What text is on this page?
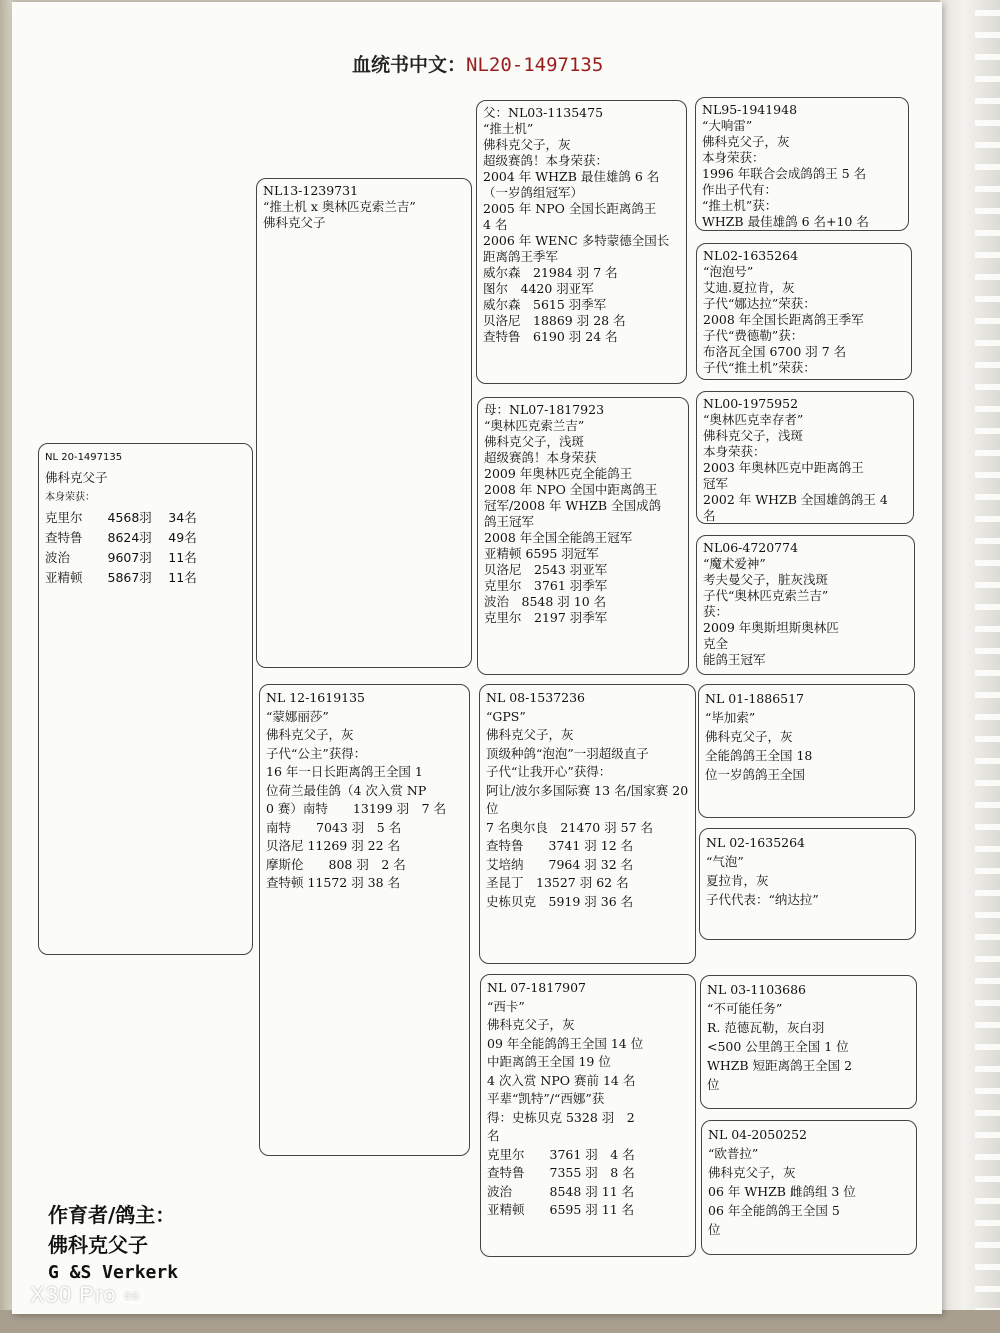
血统书中文：NL20-1497135
NL 20-1497135
佛科克父子
本身荣获：
克里尔　　4568羽　 34名
查特鲁　　8624羽　 49名
波治　　　9607羽　 11名
亚精顿　　5867羽　 11名
NL13-1239731
“推土机 x 奥林匹克索兰吉”
佛科克父子
NL 12-1619135
“蒙娜丽莎”
佛科克父子，灰
子代“公主”获得：
16 年一日长距离鸽王全国 1
位荷兰最佳鸽（4 次入赏 NP
0 赛）南特　　13199 羽　7 名
南特　　7043 羽　5 名
贝洛尼 11269 羽 22 名
摩斯伦　　808 羽　2 名
查特顿 11572 羽 38 名
父：NL03-1135475
“推土机”
佛科克父子，灰
超级赛鸽！本身荣获：
2004 年 WHZB 最佳雄鸽 6 名
（一岁鸽组冠军）
2005 年 NPO 全国长距离鸽王
4 名
2006 年 WENC 多特蒙德全国长
距离鸽王季军
威尔森　21984 羽 7 名
图尔　4420 羽亚军
威尔森　5615 羽季军
贝洛尼　18869 羽 28 名
查特鲁　6190 羽 24 名
母：NL07-1817923
“奥林匹克索兰吉”
佛科克父子，浅斑
超级赛鸽！本身荣获
2009 年奥林匹克全能鸽王
2008 年 NPO 全国中距离鸽王
冠军/2008 年 WHZB 全国成鸽
鸽王冠军
2008 年全国全能鸽王冠军
亚精顿 6595 羽冠军
贝洛尼　2543 羽亚军
克里尔　3761 羽季军
波治　8548 羽 10 名
克里尔　2197 羽季军
NL 08-1537236
“GPS”
佛科克父子，灰
顶级种鸽“泡泡”一羽超级直子
子代“让我开心”获得：
阿让/波尔多国际赛 13 名/国家赛 20 位
7 名奥尔良　21470 羽 57 名
查特鲁　　3741 羽 12 名
艾培纳　　7964 羽 32 名
圣昆丁　13527 羽 62 名
史栋贝克　5919 羽 36 名
NL 07-1817907
“西卡”
佛科克父子，灰
09 年全能鸽鸽王全国 14 位
中距离鸽王全国 19 位
4 次入赏 NPO 赛前 14 名
平辈“凯特”/“西娜”获
得：史栋贝克 5328 羽　2
名
克里尔　　3761 羽　4 名
查特鲁　　7355 羽　8 名
波治　　　8548 羽 11 名
亚精顿　　6595 羽 11 名
NL95-1941948
“大响雷”
佛科克父子，灰
本身荣获：
1996 年联合会成鸽鸽王 5 名
作出子代有：
“推土机”获：
WHZB 最佳雄鸽 6 名+10 名
NL02-1635264
“泡泡号”
艾迪.夏拉肯，灰
子代“娜达拉”荣获：
2008 年全国长距离鸽王季军
子代“费德勒”获：
布洛瓦全国 6700 羽 7 名
子代“推土机”荣获：
NL00-1975952
“奥林匹克幸存者”
佛科克父子，浅斑
本身荣获：
2003 年奥林匹克中距离鸽王
冠军
2002 年 WHZB 全国雄鸽鸽王 4
名
NL06-4720774
“魔术爱神”
考夫曼父子，脏灰浅斑
子代“奥林匹克索兰吉”
获：
2009 年奥斯坦斯奥林匹
克全
能鸽王冠军
NL 01-1886517
“毕加索”
佛科克父子，灰
全能鸽鸽王全国 18
位一岁鸽鸽王全国
NL 02-1635264
“气泡”
夏拉肯，灰
子代代表：“纳达拉”
NL 03-1103686
“不可能任务”
R. 范德瓦勒，灰白羽
<500 公里鸽王全国 1 位
WHZB 短距离鸽王全国 2
位
NL 04-2050252
“欧普拉”
佛科克父子，灰
06 年 WHZB 雌鸽组 3 位
06 年全能鸽鸽王全国 5
位
作育者/鸽主：
佛科克父子
G &S Verkerk
X30 Pro 5G
